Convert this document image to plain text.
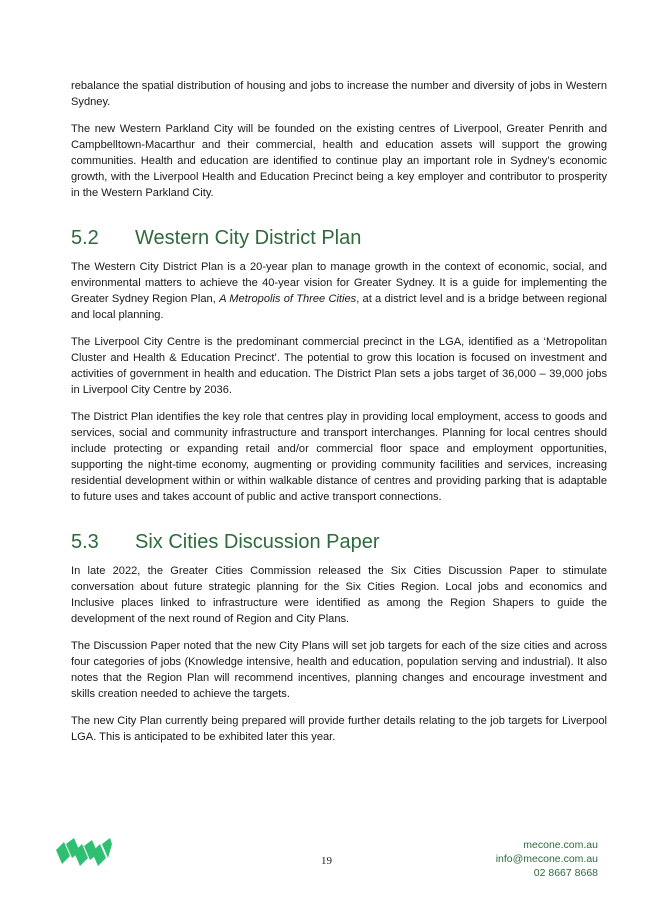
rebalance the spatial distribution of housing and jobs to increase the number and diversity of jobs in Western Sydney.

The new Western Parkland City will be founded on the existing centres of Liverpool, Greater Penrith and Campbelltown-Macarthur and their commercial, health and education assets will support the growing communities. Health and education are identified to continue play an important role in Sydney’s economic growth, with the Liverpool Health and Education Precinct being a key employer and contributor to prosperity in the Western Parkland City.

5.2	Western City District Plan

The Western City District Plan is a 20-year plan to manage growth in the context of economic, social, and environmental matters to achieve the 40-year vision for Greater Sydney. It is a guide for implementing the Greater Sydney Region Plan, A Metropolis of Three Cities, at a district level and is a bridge between regional and local planning.

The Liverpool City Centre is the predominant commercial precinct in the LGA, identified as a ‘Metropolitan Cluster and Health & Education Precinct’. The potential to grow this location is focused on investment and activities of government in health and education. The District Plan sets a jobs target of 36,000 – 39,000 jobs in Liverpool City Centre by 2036.

The District Plan identifies the key role that centres play in providing local employment, access to goods and services, social and community infrastructure and transport interchanges. Planning for local centres should include protecting or expanding retail and/or commercial floor space and employment opportunities, supporting the night-time economy, augmenting or providing community facilities and services, increasing residential development within or within walkable distance of centres and providing parking that is adaptable to future uses and takes account of public and active transport connections.

5.3	Six Cities Discussion Paper

In late 2022, the Greater Cities Commission released the Six Cities Discussion Paper to stimulate conversation about future strategic planning for the Six Cities Region. Local jobs and economics and Inclusive places linked to infrastructure were identified as among the Region Shapers to guide the development of the next round of Region and City Plans.

The Discussion Paper noted that the new City Plans will set job targets for each of the size cities and across four categories of jobs (Knowledge intensive, health and education, population serving and industrial). It also notes that the Region Plan will recommend incentives, planning changes and encourage investment and skills creation needed to achieve the targets.

The new City Plan currently being prepared will provide further details relating to the job targets for Liverpool LGA. This is anticipated to be exhibited later this year.

19
mecone.com.au
info@mecone.com.au
02 8667 8668
